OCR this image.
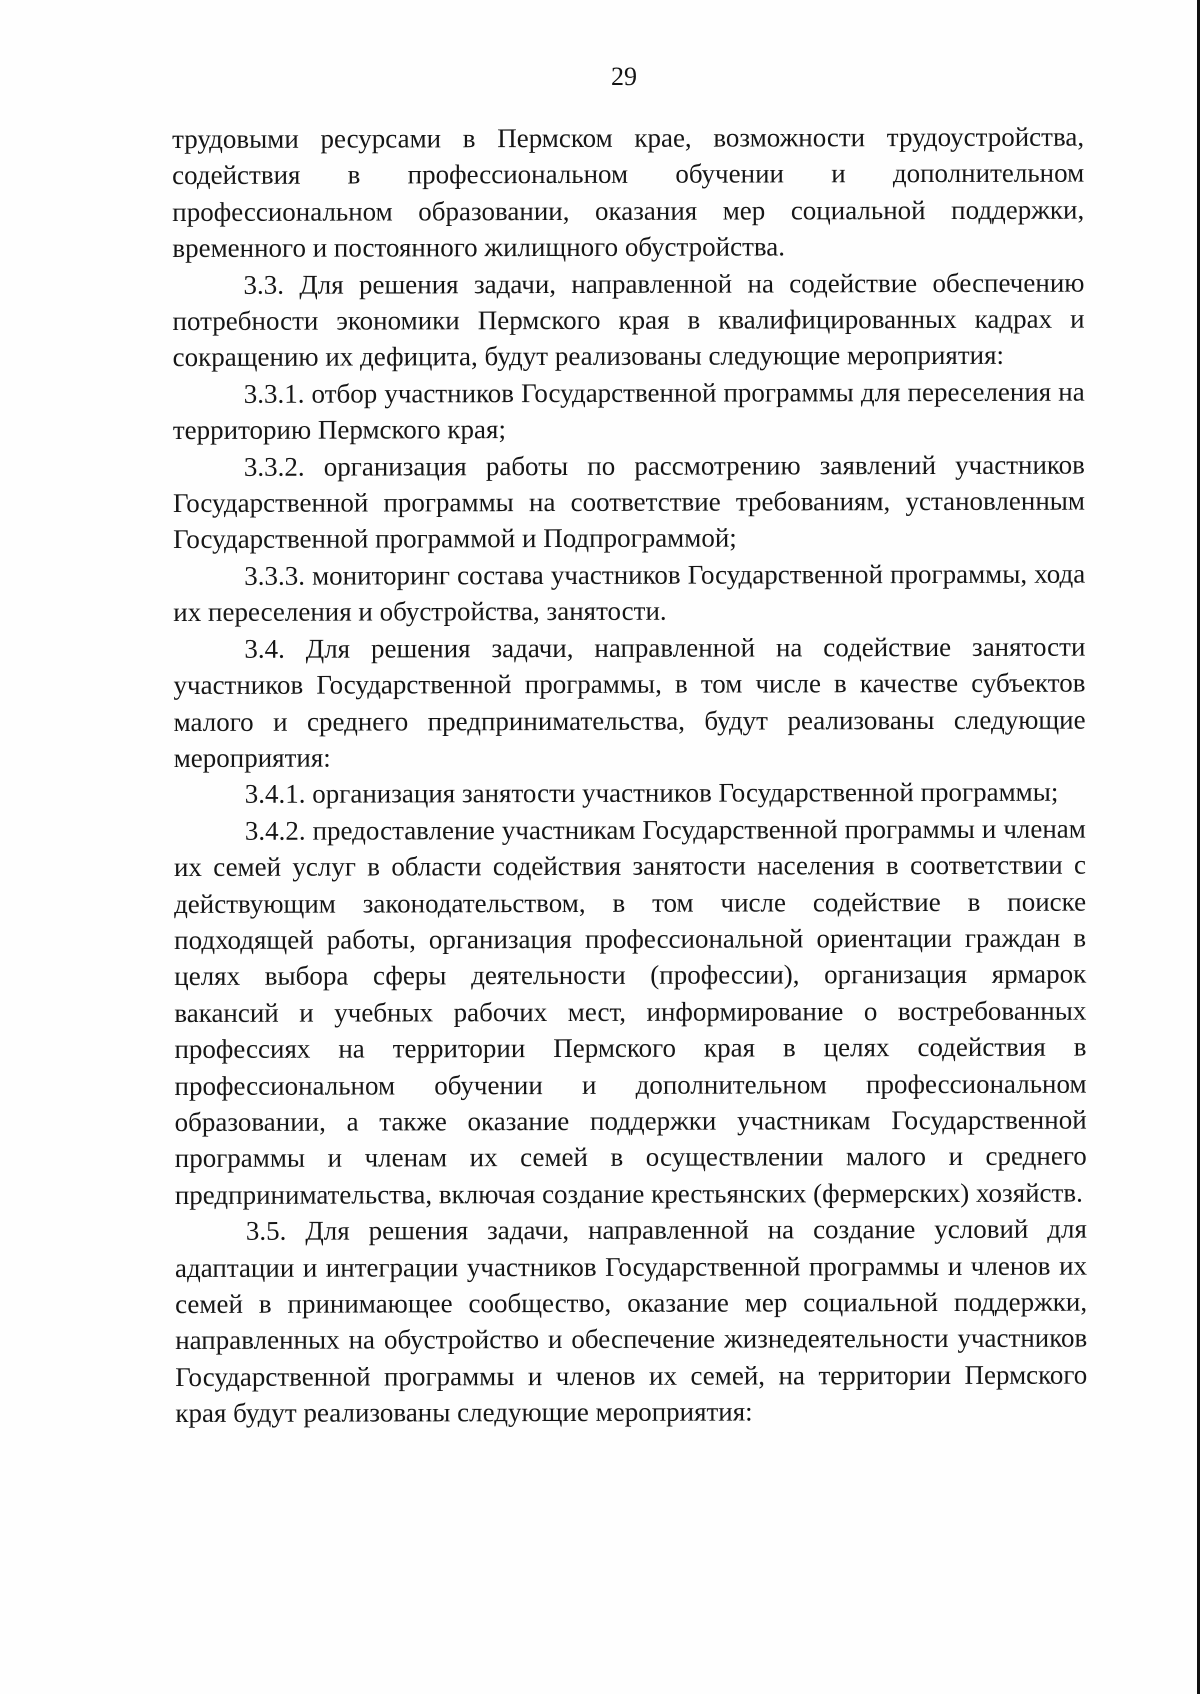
29

трудовыми ресурсами в Пермском крае, возможности трудоустройства, содействия в профессиональном обучении и дополнительном профессиональном образовании, оказания мер социальной поддержки, временного и постоянного жилищного обустройства.

3.3. Для решения задачи, направленной на содействие обеспечению потребности экономики Пермского края в квалифицированных кадрах и сокращению их дефицита, будут реализованы следующие мероприятия:

3.3.1. отбор участников Государственной программы для переселения на территорию Пермского края;

3.3.2. организация работы по рассмотрению заявлений участников Государственной программы на соответствие требованиям, установленным Государственной программой и Подпрограммой;

3.3.3. мониторинг состава участников Государственной программы, хода их переселения и обустройства, занятости.

3.4. Для решения задачи, направленной на содействие занятости участников Государственной программы, в том числе в качестве субъектов малого и среднего предпринимательства, будут реализованы следующие мероприятия:

3.4.1. организация занятости участников Государственной программы;

3.4.2. предоставление участникам Государственной программы и членам их семей услуг в области содействия занятости населения в соответствии с действующим законодательством, в том числе содействие в поиске подходящей работы, организация профессиональной ориентации граждан в целях выбора сферы деятельности (профессии), организация ярмарок вакансий и учебных рабочих мест, информирование о востребованных профессиях на территории Пермского края в целях содействия в профессиональном обучении и дополнительном профессиональном образовании, а также оказание поддержки участникам Государственной программы и членам их семей в осуществлении малого и среднего предпринимательства, включая создание крестьянских (фермерских) хозяйств.

3.5. Для решения задачи, направленной на создание условий для адаптации и интеграции участников Государственной программы и членов их семей в принимающее сообщество, оказание мер социальной поддержки, направленных на обустройство и обеспечение жизнедеятельности участников Государственной программы и членов их семей, на территории Пермского края будут реализованы следующие мероприятия:
